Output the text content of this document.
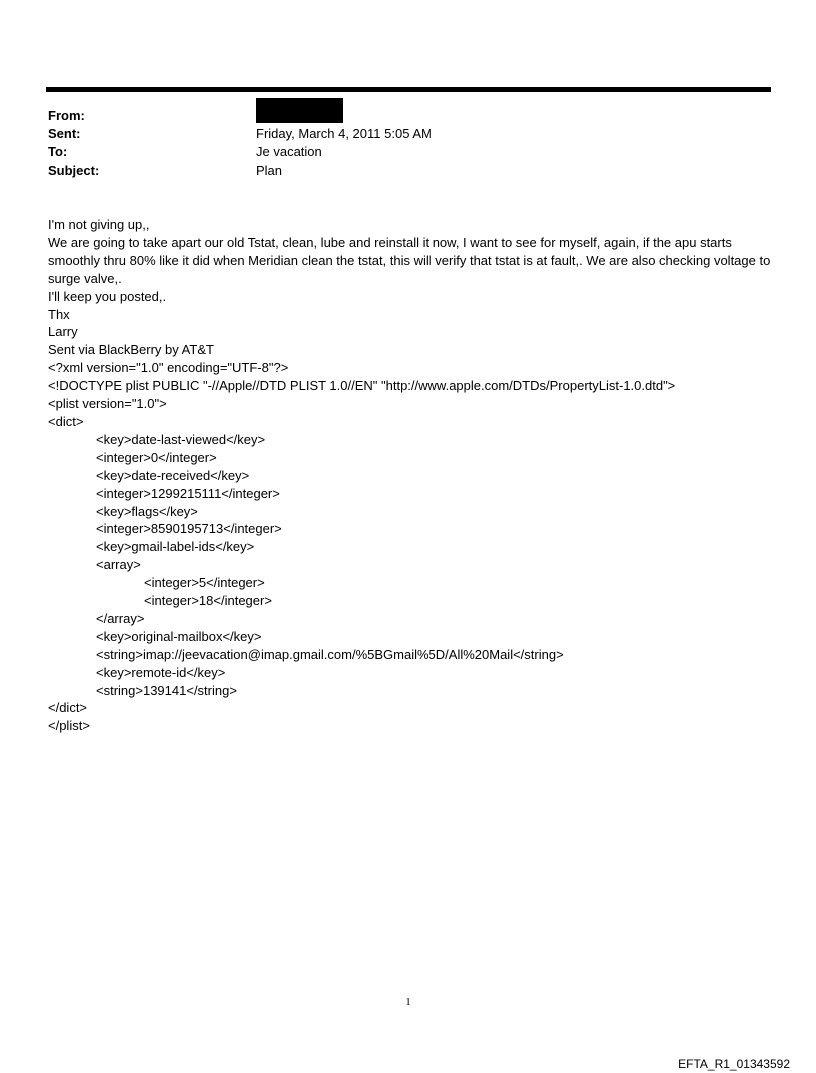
From:
Sent:	Friday, March 4, 2011 5:05 AM
To:	Je vacation
Subject:	Plan
I'm not giving up,,
We are going to take apart our old Tstat, clean, lube and reinstall it now, I want to see for myself, again, if the apu starts smoothly thru 80% like it did when Meridian clean the tstat, this will verify that tstat is at fault,. We are also checking voltage to surge valve,.
I'll keep you posted,.
Thx
Larry
Sent via BlackBerry by AT&T
<?xml version="1.0" encoding="UTF-8"?>
<!DOCTYPE plist PUBLIC "-//Apple//DTD PLIST 1.0//EN" "http://www.apple.com/DTDs/PropertyList-1.0.dtd">
<plist version="1.0">
<dict>
<key>date-last-viewed</key>
<integer>0</integer>
<key>date-received</key>
<integer>1299215111</integer>
<key>flags</key>
<integer>8590195713</integer>
<key>gmail-label-ids</key>
<array>
<integer>5</integer>
<integer>18</integer>
</array>
<key>original-mailbox</key>
<string>imap://jeevacation@imap.gmail.com/%5BGmail%5D/All%20Mail</string>
<key>remote-id</key>
<string>139141</string>
</dict>
</plist>
1
EFTA_R1_01343592
